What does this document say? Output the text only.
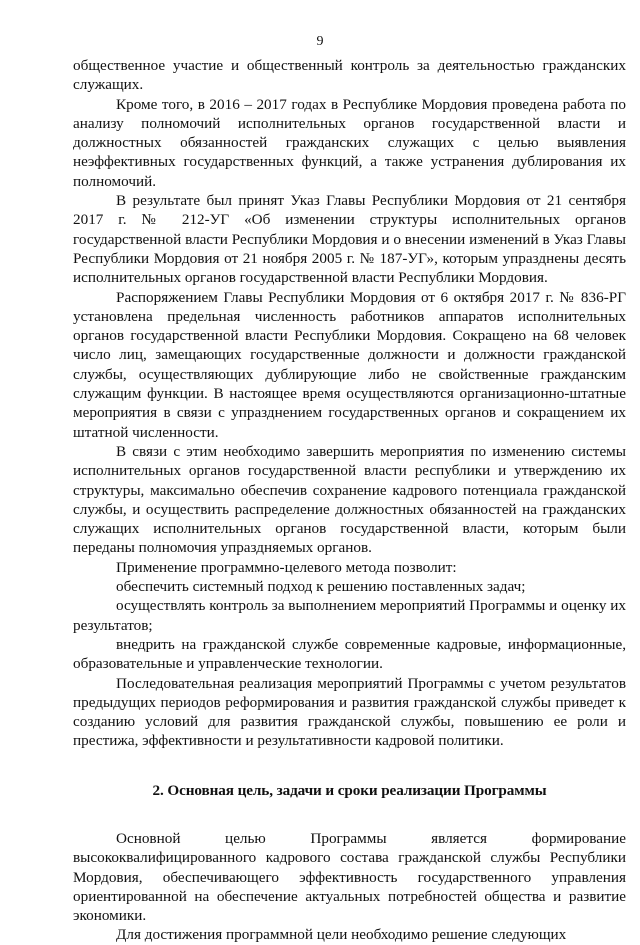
9

общественное участие и общественный контроль за деятельностью гражданских служащих.

Кроме того, в 2016 – 2017 годах в Республике Мордовия проведена работа по анализу полномочий исполнительных органов государственной власти и должностных обязанностей гражданских служащих с целью выявления неэффективных государственных функций, а также устранения дублирования их полномочий.

В результате был принят Указ Главы Республики Мордовия от 21 сентября 2017 г. № 212-УГ «Об изменении структуры исполнительных органов государственной власти Республики Мордовия и о внесении изменений в Указ Главы Республики Мордовия от 21 ноября 2005 г. № 187-УГ», которым упразднены десять исполнительных органов государственной власти Республики Мордовия.

Распоряжением Главы Республики Мордовия от 6 октября 2017 г. № 836-РГ установлена предельная численность работников аппаратов исполнительных органов государственной власти Республики Мордовия. Сокращено на 68 человек число лиц, замещающих государственные должности и должности гражданской службы, осуществляющих дублирующие либо не свойственные гражданским служащим функции. В настоящее время осуществляются организационно-штатные мероприятия в связи с упразднением государственных органов и сокращением их штатной численности.

В связи с этим необходимо завершить мероприятия по изменению системы исполнительных органов государственной власти республики и утверждению их структуры, максимально обеспечив сохранение кадрового потенциала гражданской службы, и осуществить распределение должностных обязанностей на гражданских служащих исполнительных органов государственной власти, которым были переданы полномочия упраздняемых органов.

Применение программно-целевого метода позволит:

обеспечить системный подход к решению поставленных задач;

осуществлять контроль за выполнением мероприятий Программы и оценку их результатов;

внедрить на гражданской службе современные кадровые, информационные, образовательные и управленческие технологии.

Последовательная реализация мероприятий Программы с учетом результатов предыдущих периодов реформирования и развития гражданской службы приведет к созданию условий для развития гражданской службы, повышению ее роли и престижа, эффективности и результативности кадровой политики.

2. Основная цель, задачи и сроки реализации Программы

Основной целью Программы является формирование высококвалифицированного кадрового состава гражданской службы Республики Мордовия, обеспечивающего эффективность государственного управления ориентированной на обеспечение актуальных потребностей общества и развитие экономики.

Для достижения программной цели необходимо решение следующих
